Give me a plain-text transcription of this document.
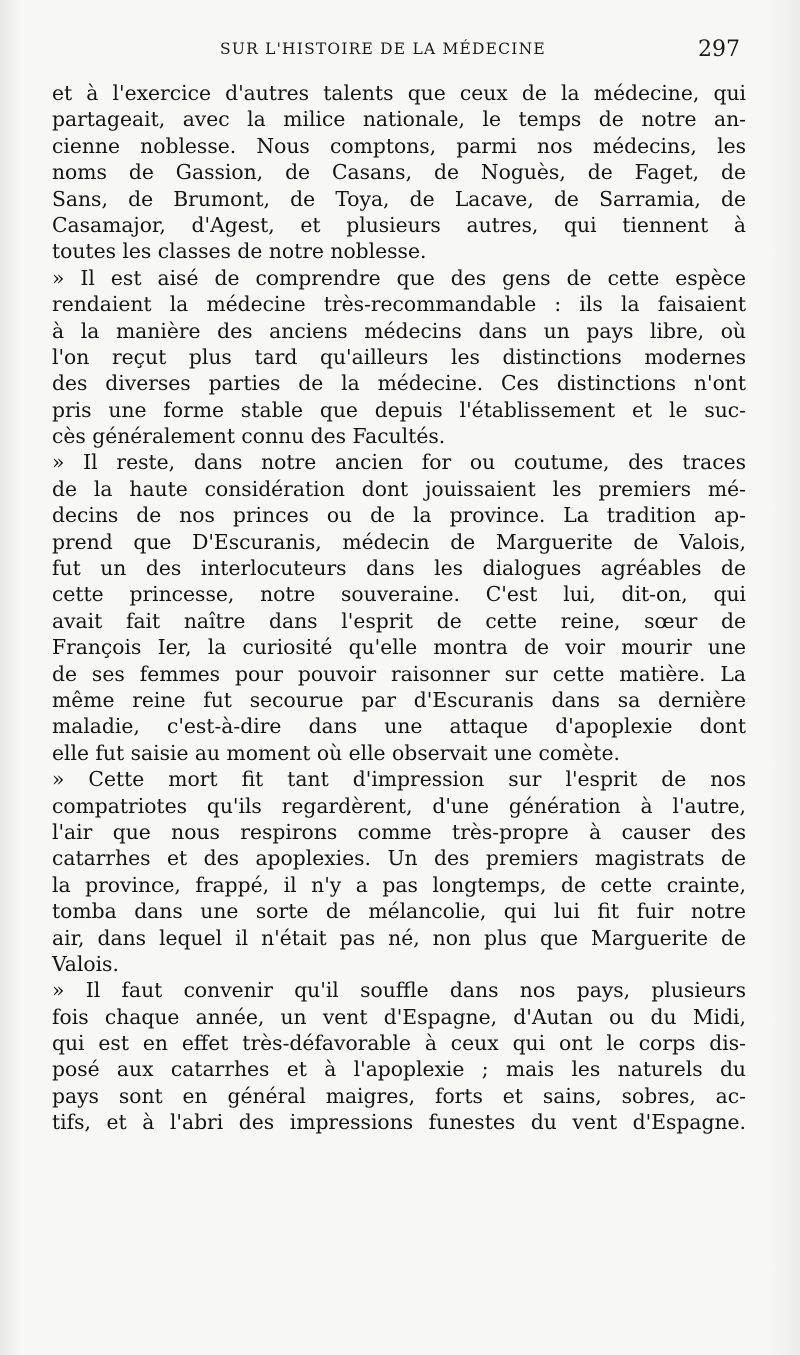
SUR L'HISTOIRE DE LA MÉDECINE	297
et à l'exercice d'autres talents que ceux de la médecine, qui
partageait, avec la milice nationale, le temps de notre an-
cienne noblesse. Nous comptons, parmi nos médecins, les
noms de Gassion, de Casans, de Noguès, de Faget, de
Sans, de Brumont, de Toya, de Lacave, de Sarramia, de
Casamajor, d'Agest, et plusieurs autres, qui tiennent à
toutes les classes de notre noblesse.
» Il est aisé de comprendre que des gens de cette espèce
rendaient la médecine très-recommandable : ils la faisaient
à la manière des anciens médecins dans un pays libre, où
l'on reçut plus tard qu'ailleurs les distinctions modernes
des diverses parties de la médecine. Ces distinctions n'ont
pris une forme stable que depuis l'établissement et le suc-
cès généralement connu des Facultés.
» Il reste, dans notre ancien for ou coutume, des traces
de la haute considération dont jouissaient les premiers mé-
decins de nos princes ou de la province. La tradition ap-
prend que D'Escuranis, médecin de Marguerite de Valois,
fut un des interlocuteurs dans les dialogues agréables de
cette princesse, notre souveraine. C'est lui, dit-on, qui
avait fait naître dans l'esprit de cette reine, sœur de
François Ier, la curiosité qu'elle montra de voir mourir une
de ses femmes pour pouvoir raisonner sur cette matière. La
même reine fut secourue par d'Escuranis dans sa dernière
maladie, c'est-à-dire dans une attaque d'apoplexie dont
elle fut saisie au moment où elle observait une comète.
» Cette mort fit tant d'impression sur l'esprit de nos
compatriotes qu'ils regardèrent, d'une génération à l'autre,
l'air que nous respirons comme très-propre à causer des
catarrhes et des apoplexies. Un des premiers magistrats de
la province, frappé, il n'y a pas longtemps, de cette crainte,
tomba dans une sorte de mélancolie, qui lui fit fuir notre
air, dans lequel il n'était pas né, non plus que Marguerite de
Valois.
» Il faut convenir qu'il souffle dans nos pays, plusieurs
fois chaque année, un vent d'Espagne, d'Autan ou du Midi,
qui est en effet très-défavorable à ceux qui ont le corps dis-
posé aux catarrhes et à l'apoplexie ; mais les naturels du
pays sont en général maigres, forts et sains, sobres, ac-
tifs, et à l'abri des impressions funestes du vent d'Espagne.
